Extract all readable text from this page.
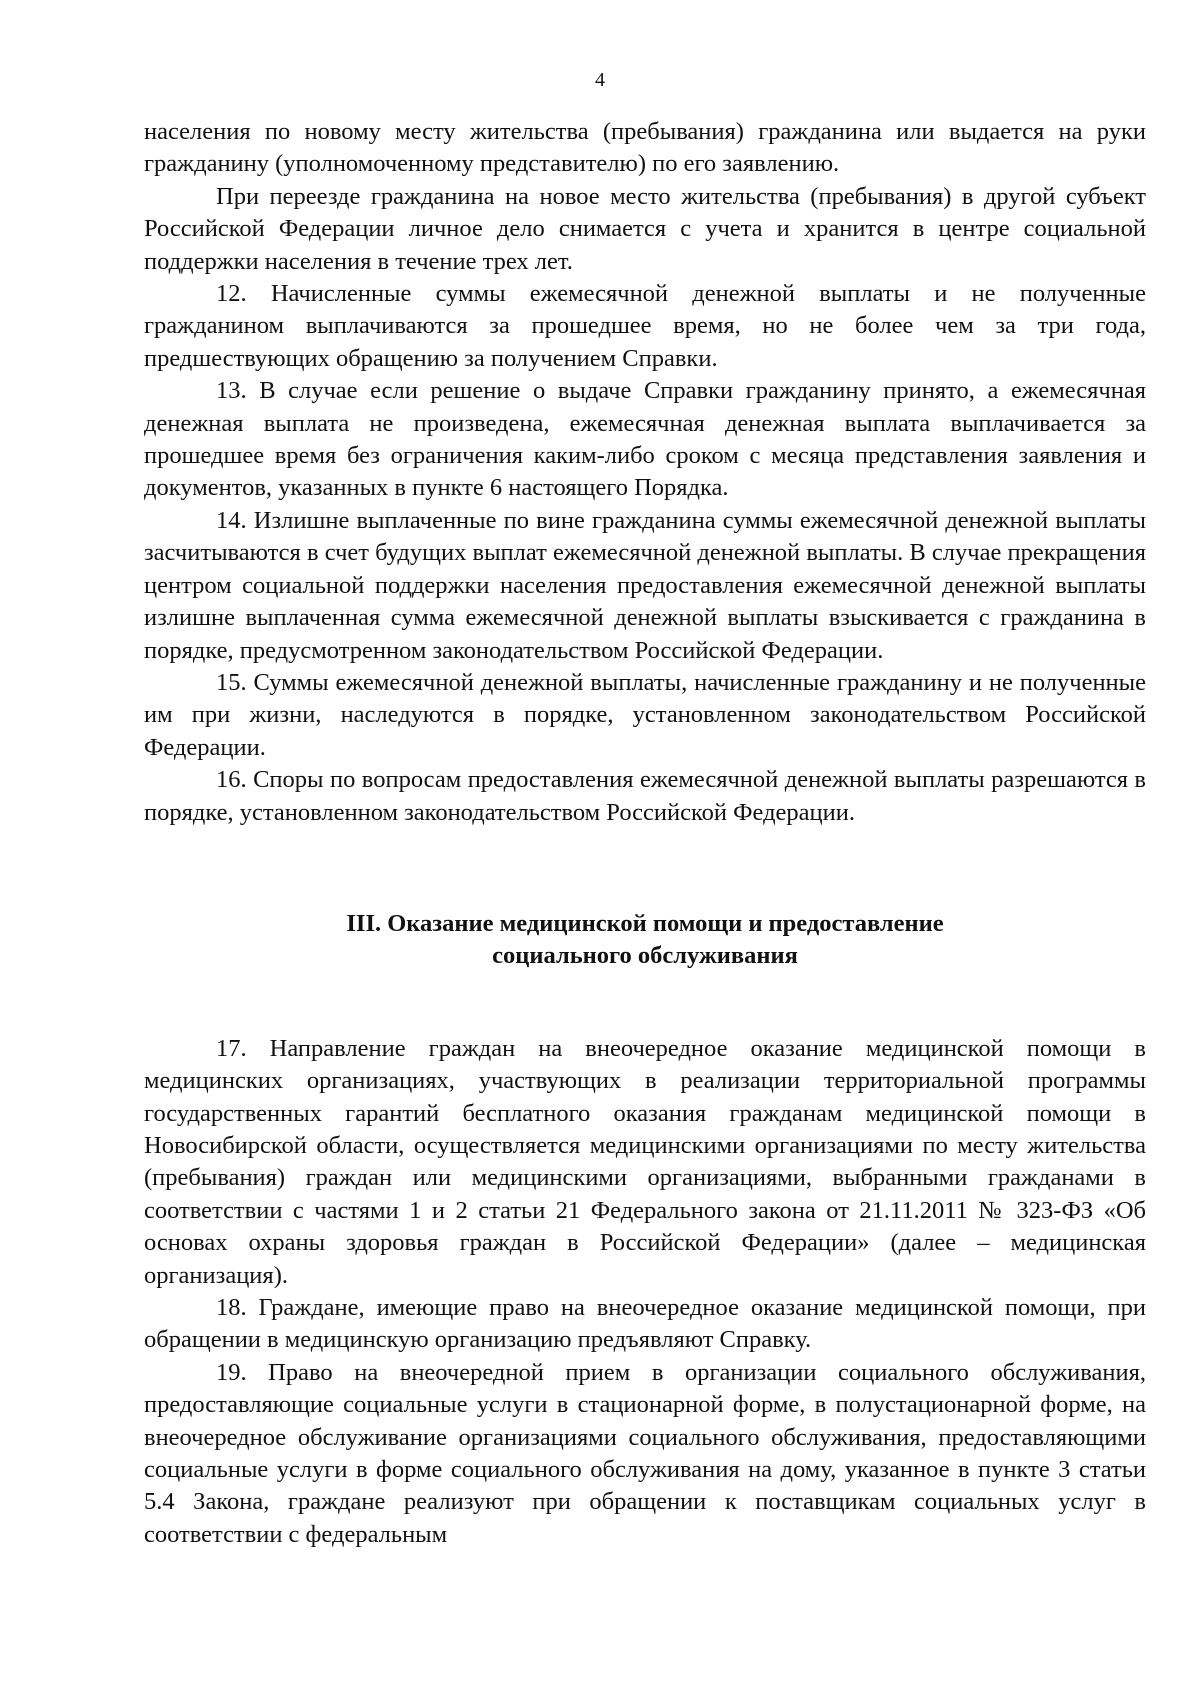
4

населения по новому месту жительства (пребывания) гражданина или выдается на руки гражданину (уполномоченному представителю) по его заявлению.

При переезде гражданина на новое место жительства (пребывания) в другой субъект Российской Федерации личное дело снимается с учета и хранится в центре социальной поддержки населения в течение трех лет.

12. Начисленные суммы ежемесячной денежной выплаты и не полученные гражданином выплачиваются за прошедшее время, но не более чем за три года, предшествующих обращению за получением Справки.

13. В случае если решение о выдаче Справки гражданину принято, а ежемесячная денежная выплата не произведена, ежемесячная денежная выплата выплачивается за прошедшее время без ограничения каким-либо сроком с месяца представления заявления и документов, указанных в пункте 6 настоящего Порядка.

14. Излишне выплаченные по вине гражданина суммы ежемесячной денежной выплаты засчитываются в счет будущих выплат ежемесячной денежной выплаты. В случае прекращения центром социальной поддержки населения предоставления ежемесячной денежной выплаты излишне выплаченная сумма ежемесячной денежной выплаты взыскивается с гражданина в порядке, предусмотренном законодательством Российской Федерации.

15. Суммы ежемесячной денежной выплаты, начисленные гражданину и не полученные им при жизни, наследуются в порядке, установленном законодательством Российской Федерации.

16. Споры по вопросам предоставления ежемесячной денежной выплаты разрешаются в порядке, установленном законодательством Российской Федерации.

III. Оказание медицинской помощи и предоставление
социального обслуживания

17. Направление граждан на внеочередное оказание медицинской помощи в медицинских организациях, участвующих в реализации территориальной программы государственных гарантий бесплатного оказания гражданам медицинской помощи в Новосибирской области, осуществляется медицинскими организациями по месту жительства (пребывания) граждан или медицинскими организациями, выбранными гражданами в соответствии с частями 1 и 2 статьи 21 Федерального закона от 21.11.2011 № 323-ФЗ «Об основах охраны здоровья граждан в Российской Федерации» (далее – медицинская организация).

18. Граждане, имеющие право на внеочередное оказание медицинской помощи, при обращении в медицинскую организацию предъявляют Справку.

19. Право на внеочередной прием в организации социального обслуживания, предоставляющие социальные услуги в стационарной форме, в полустационарной форме, на внеочередное обслуживание организациями социального обслуживания, предоставляющими социальные услуги в форме социального обслуживания на дому, указанное в пункте 3 статьи 5.4 Закона, граждане реализуют при обращении к поставщикам социальных услуг в соответствии с федеральным
